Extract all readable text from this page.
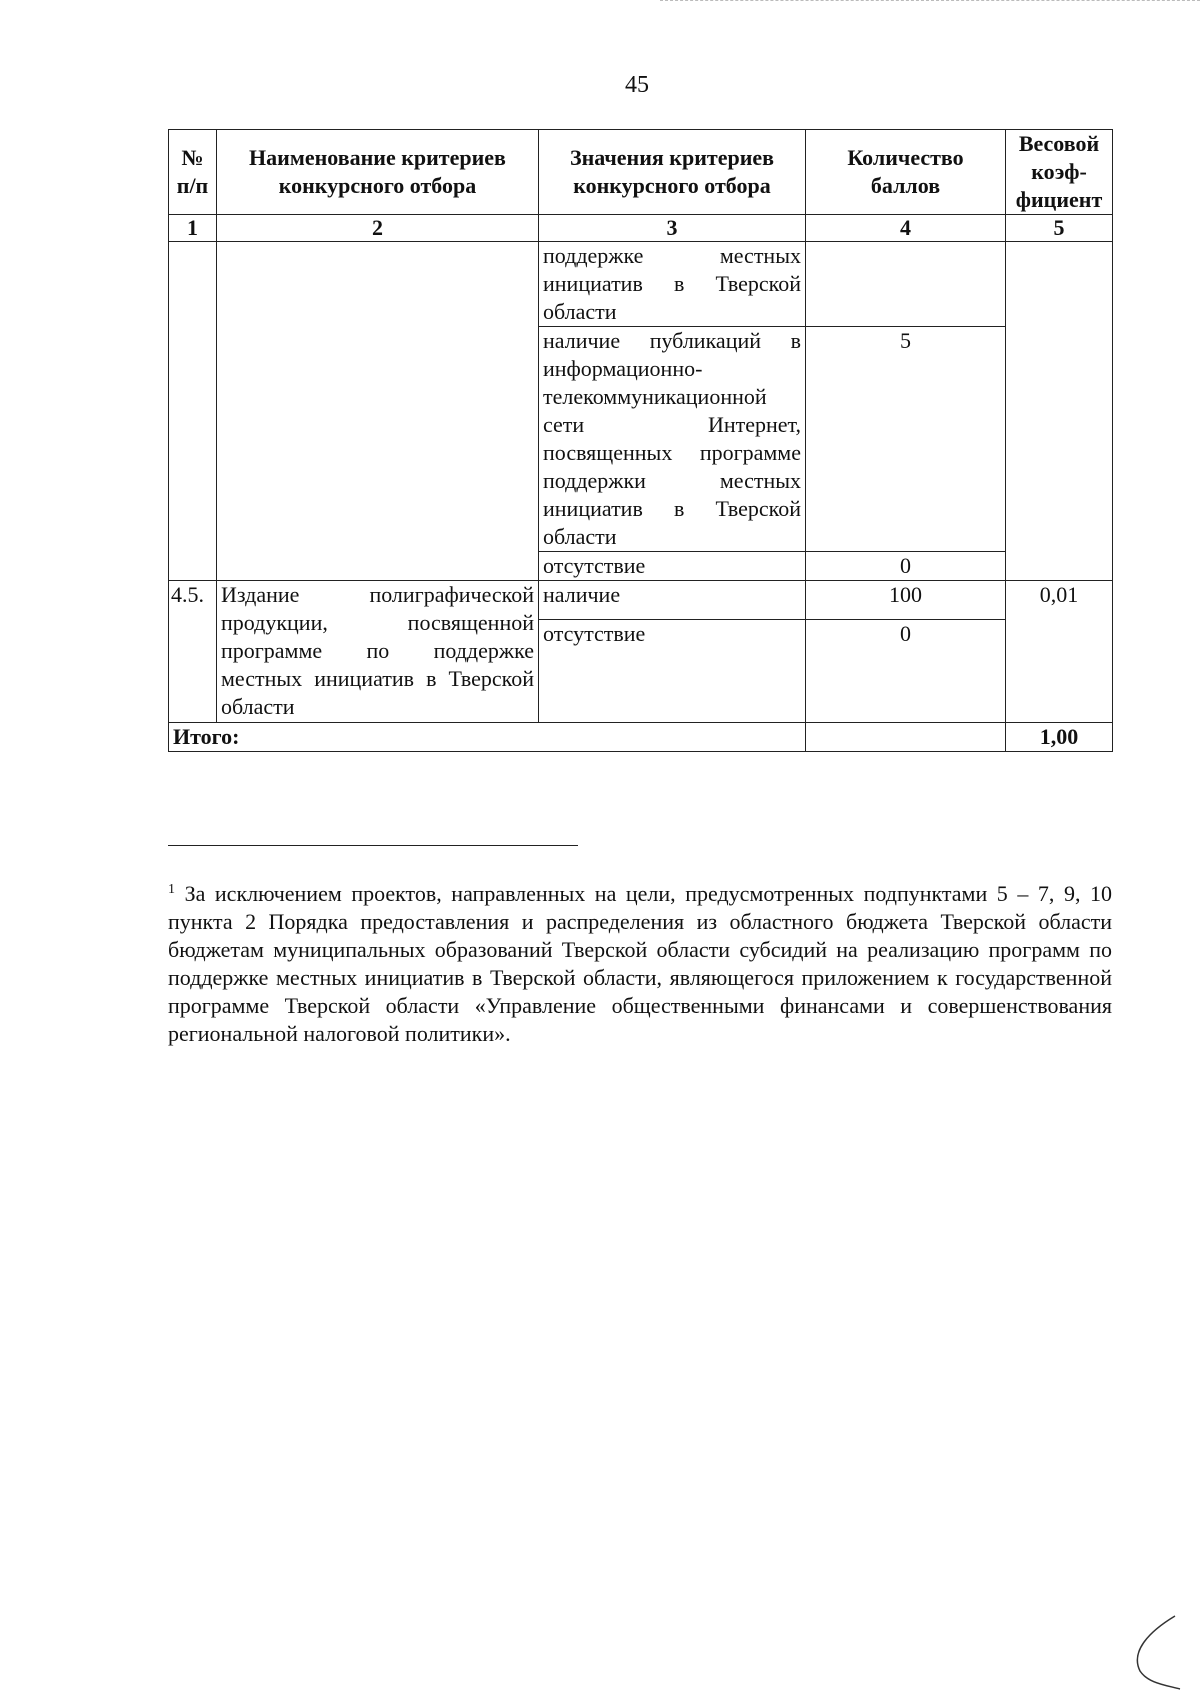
45
№ п/п	Наименование критериев конкурсного отбора	Значения критериев конкурсного отбора	Количество баллов	Весовой коэф-фициент
1	2	3	4	5
		поддержке местных инициатив в Тверской области		
		наличие публикаций в информационно-телекоммуникационной сети Интернет, посвященных программе поддержки местных инициатив в Тверской области	5	
		отсутствие	0	
4.5.	Издание полиграфической продукции, посвященной программе по поддержке местных инициатив в Тверской области	наличие	100	0,01
		отсутствие	0	
Итого:				1,00
$^1$ За исключением проектов, направленных на цели, предусмотренных подпунктами 5 – 7, 9, 10 пункта 2 Порядка предоставления и распределения из областного бюджета Тверской области бюджетам муниципальных образований Тверской области субсидий на реализацию программ по поддержке местных инициатив в Тверской области, являющегося приложением к государственной программе Тверской области «Управление общественными финансами и совершенствования региональной налоговой политики».
